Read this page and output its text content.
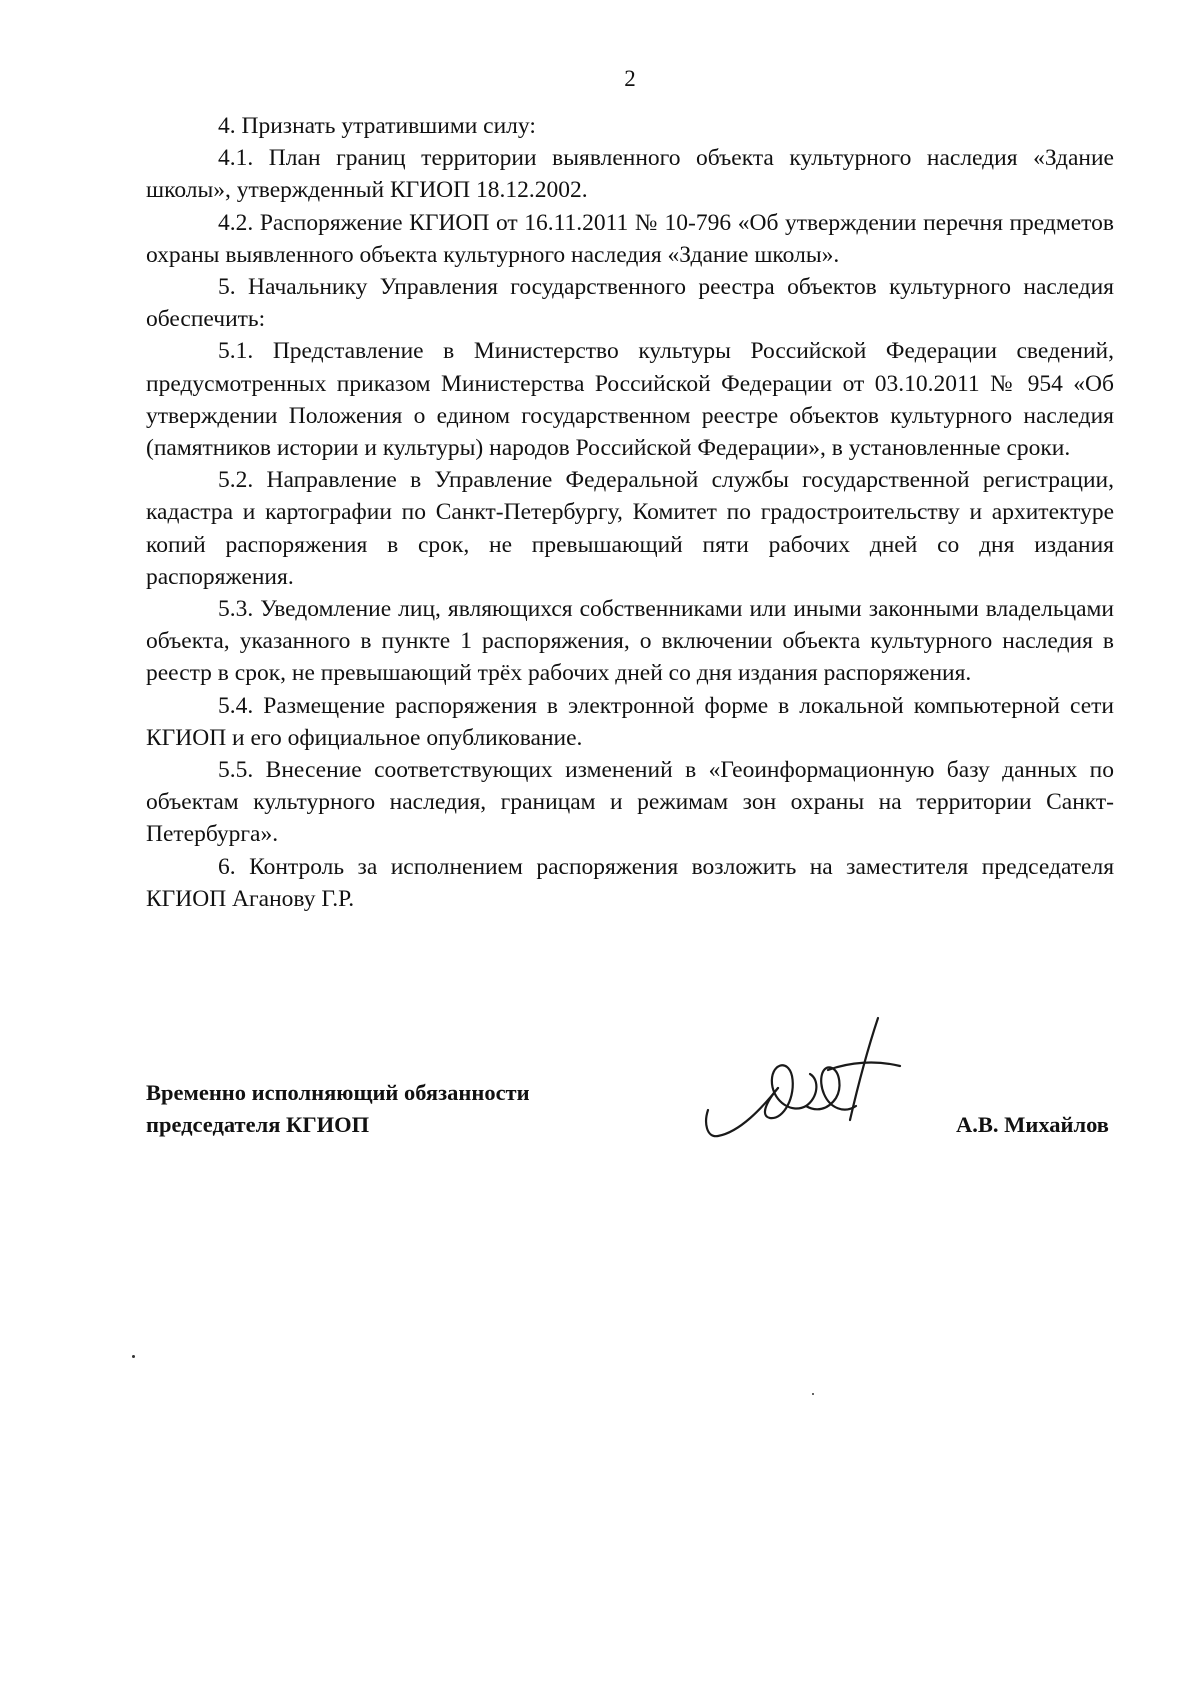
2

4. Признать утратившими силу:

4.1. План границ территории выявленного объекта культурного наследия «Здание школы», утвержденный КГИОП 18.12.2002.

4.2. Распоряжение КГИОП от 16.11.2011 № 10-796 «Об утверждении перечня предметов охраны выявленного объекта культурного наследия «Здание школы».

5. Начальнику Управления государственного реестра объектов культурного наследия обеспечить:

5.1. Представление в Министерство культуры Российской Федерации сведений, предусмотренных приказом Министерства Российской Федерации от 03.10.2011 № 954 «Об утверждении Положения о едином государственном реестре объектов культурного наследия (памятников истории и культуры) народов Российской Федерации», в установленные сроки.

5.2. Направление в Управление Федеральной службы государственной регистрации, кадастра и картографии по Санкт-Петербургу, Комитет по градостроительству и архитектуре копий распоряжения в срок, не превышающий пяти рабочих дней со дня издания распоряжения.

5.3. Уведомление лиц, являющихся собственниками или иными законными владельцами объекта, указанного в пункте 1 распоряжения, о включении объекта культурного наследия в реестр в срок, не превышающий трёх рабочих дней со дня издания распоряжения.

5.4. Размещение распоряжения в электронной форме в локальной компьютерной сети КГИОП и его официальное опубликование.

5.5. Внесение соответствующих изменений в «Геоинформационную базу данных по объектам культурного наследия, границам и режимам зон охраны на территории Санкт-Петербурга».

6. Контроль за исполнением распоряжения возложить на заместителя председателя КГИОП Аганову Г.Р.

Временно исполняющий обязанности
председателя КГИОП	А.В. Михайлов
